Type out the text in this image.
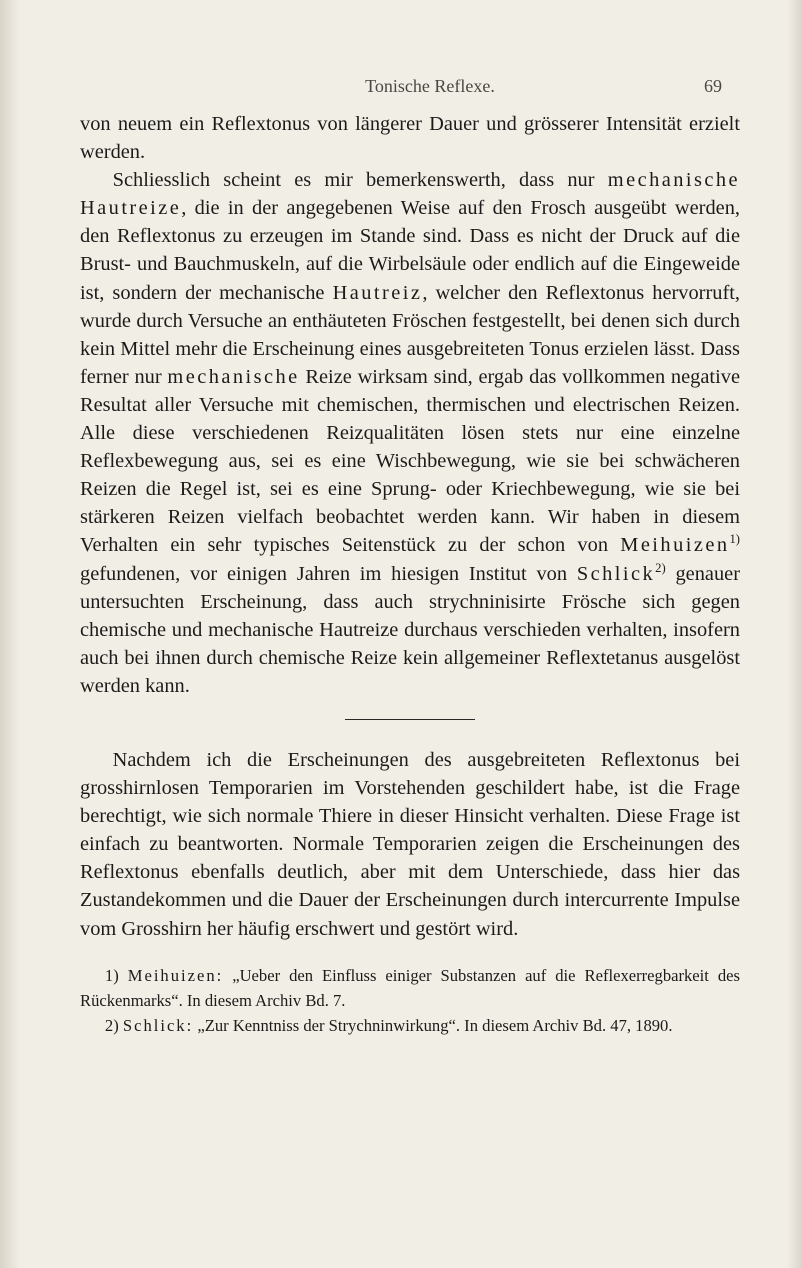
Tonische Reflexe.	69

von neuem ein Reflextonus von längerer Dauer und grösserer Intensität erzielt werden.

Schliesslich scheint es mir bemerkenswerth, dass nur mechanische Hautreize, die in der angegebenen Weise auf den Frosch ausgeübt werden, den Reflextonus zu erzeugen im Stande sind. Dass es nicht der Druck auf die Brust- und Bauchmuskeln, auf die Wirbelsäule oder endlich auf die Eingeweide ist, sondern der mechanische Hautreiz, welcher den Reflextonus hervorruft, wurde durch Versuche an enthäuteten Fröschen festgestellt, bei denen sich durch kein Mittel mehr die Erscheinung eines ausgebreiteten Tonus erzielen lässt. Dass ferner nur mechanische Reize wirksam sind, ergab das vollkommen negative Resultat aller Versuche mit chemischen, thermischen und electrischen Reizen. Alle diese verschiedenen Reizqualitäten lösen stets nur eine einzelne Reflexbewegung aus, sei es eine Wischbewegung, wie sie bei schwächeren Reizen die Regel ist, sei es eine Sprung- oder Kriechbewegung, wie sie bei stärkeren Reizen vielfach beobachtet werden kann. Wir haben in diesem Verhalten ein sehr typisches Seitenstück zu der schon von Meihuizen$^{1)}$ gefundenen, vor einigen Jahren im hiesigen Institut von Schlick$^{2)}$ genauer untersuchten Erscheinung, dass auch strychninisirte Frösche sich gegen chemische und mechanische Hautreize durchaus verschieden verhalten, insofern auch bei ihnen durch chemische Reize kein allgemeiner Reflextetanus ausgelöst werden kann.

Nachdem ich die Erscheinungen des ausgebreiteten Reflextonus bei grosshirnlosen Temporarien im Vorstehenden geschildert habe, ist die Frage berechtigt, wie sich normale Thiere in dieser Hinsicht verhalten. Diese Frage ist einfach zu beantworten. Normale Temporarien zeigen die Erscheinungen des Reflextonus ebenfalls deutlich, aber mit dem Unterschiede, dass hier das Zustandekommen und die Dauer der Erscheinungen durch intercurrente Impulse vom Grosshirn her häufig erschwert und gestört wird.

1) Meihuizen: „Ueber den Einfluss einiger Substanzen auf die Reflexerregbarkeit des Rückenmarks“. In diesem Archiv Bd. 7.

2) Schlick: „Zur Kenntniss der Strychninwirkung“. In diesem Archiv Bd. 47, 1890.
